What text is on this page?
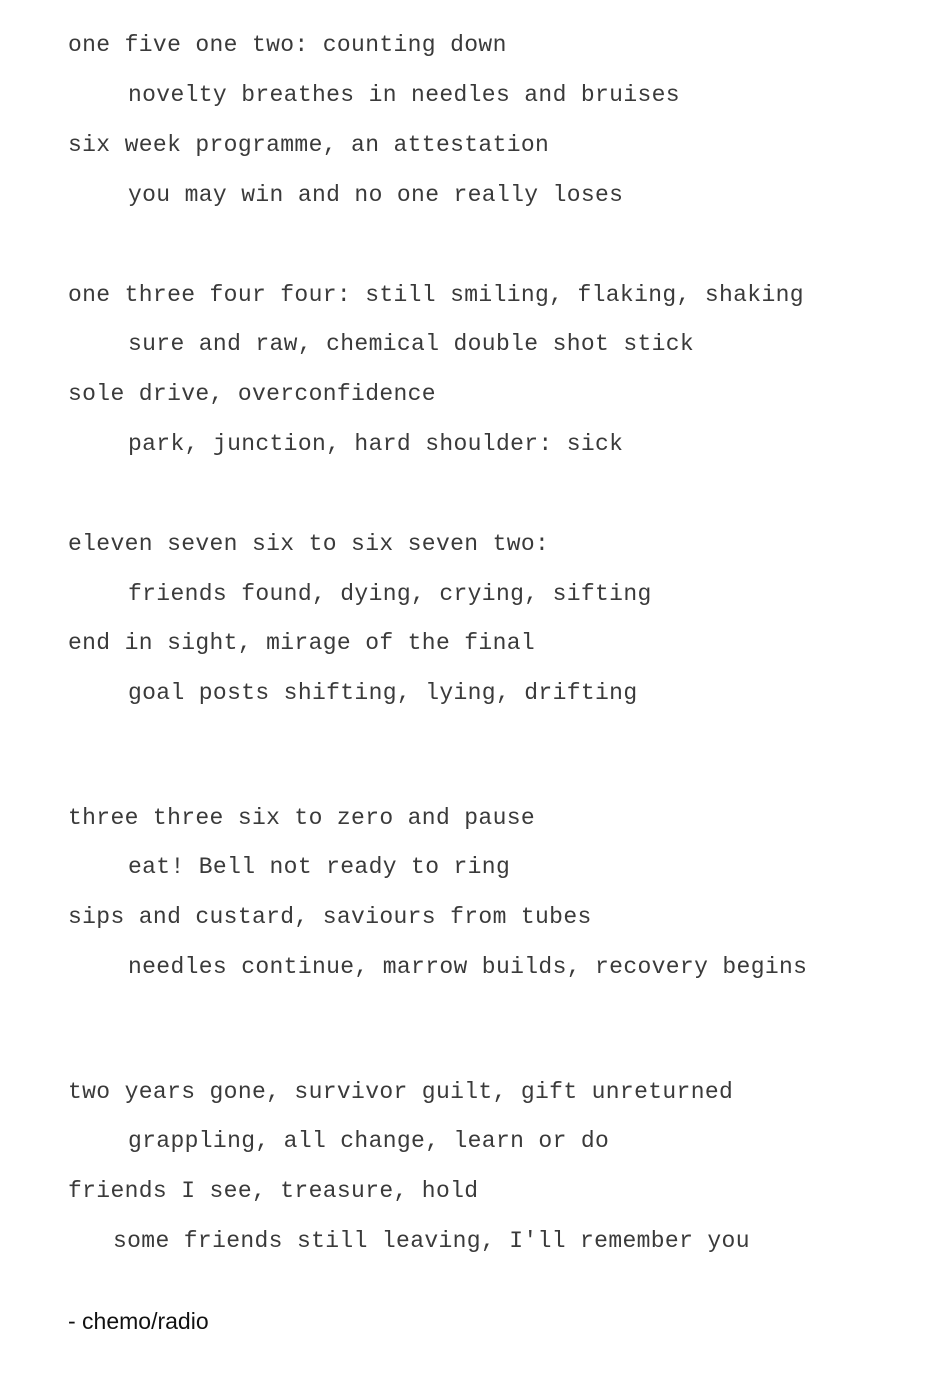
one five one two: counting down
novelty breathes in needles and bruises
six week programme, an attestation
you may win and no one really loses
one three four four: still smiling, flaking, shaking
sure and raw, chemical double shot stick
sole drive, overconfidence
park, junction, hard shoulder: sick
eleven seven six to six seven two:
friends found, dying, crying, sifting
end in sight, mirage of the final
goal posts shifting, lying, drifting
three three six to zero and pause
eat! Bell not ready to ring
sips and custard, saviours from tubes
needles continue, marrow builds, recovery begins
two years gone, survivor guilt, gift unreturned
grappling, all change, learn or do
friends I see, treasure, hold
some friends still leaving, I'll remember you
- chemo/radio
